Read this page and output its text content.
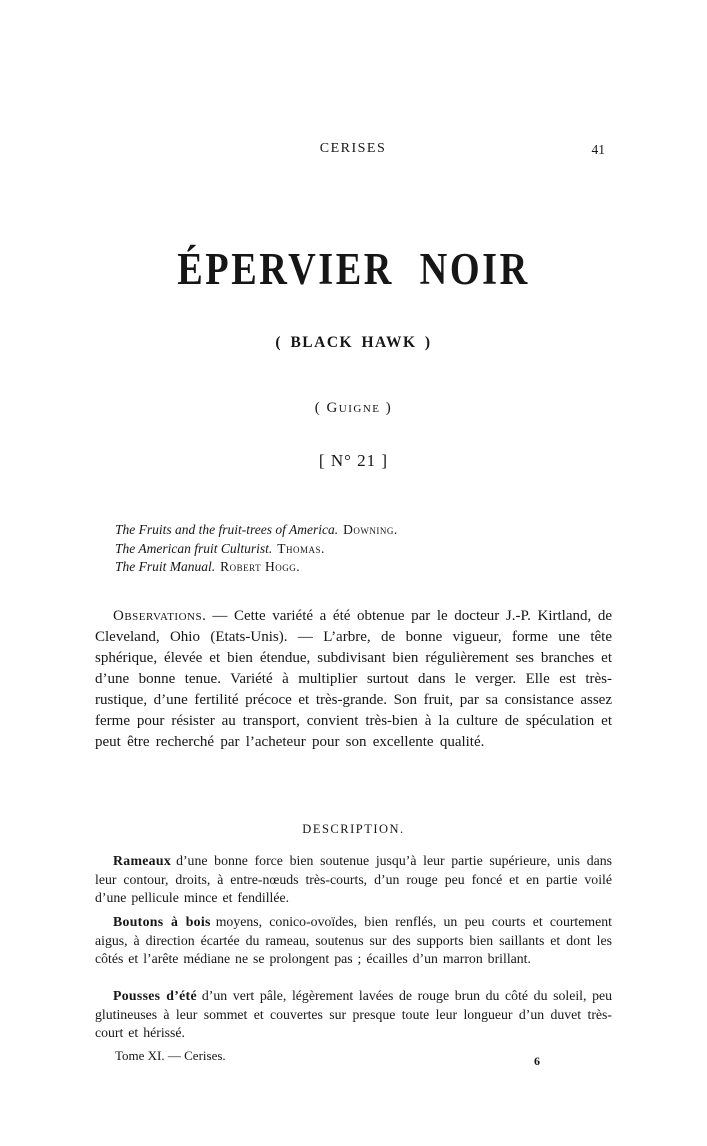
CERISES	41
ÉPERVIER NOIR
( BLACK HAWK )
( Guigne )
[ N° 21 ]
The Fruits and the fruit-trees of America. Downing.
The American fruit Culturist. Thomas.
The Fruit Manual. Robert Hogg.

Observations. — Cette variété a été obtenue par le docteur J.-P. Kirtland, de Cleveland, Ohio (Etats-Unis). — L’arbre, de bonne vigueur, forme une tête sphérique, élevée et bien étendue, subdivisant bien régulièrement ses branches et d’une bonne tenue. Variété à multiplier surtout dans le verger. Elle est très-rustique, d’une fertilité précoce et très-grande. Son fruit, par sa consistance assez ferme pour résister au transport, convient très-bien à la culture de spéculation et peut être recherché par l’acheteur pour son excellente qualité.

DESCRIPTION.

Rameaux d’une bonne force bien soutenue jusqu’à leur partie supérieure, unis dans leur contour, droits, à entre-nœuds très-courts, d’un rouge peu foncé et en partie voilé d’une pellicule mince et fendillée.

Boutons à bois moyens, conico-ovoïdes, bien renflés, un peu courts et courtement aigus, à direction écartée du rameau, soutenus sur des supports bien saillants et dont les côtés et l’arête médiane ne se prolongent pas ; écailles d’un marron brillant.

Pousses d’été d’un vert pâle, légèrement lavées de rouge brun du côté du soleil, peu glutineuses à leur sommet et couvertes sur presque toute leur longueur d’un duvet très-court et hérissé.

Tome XI. — Cerises.	6
